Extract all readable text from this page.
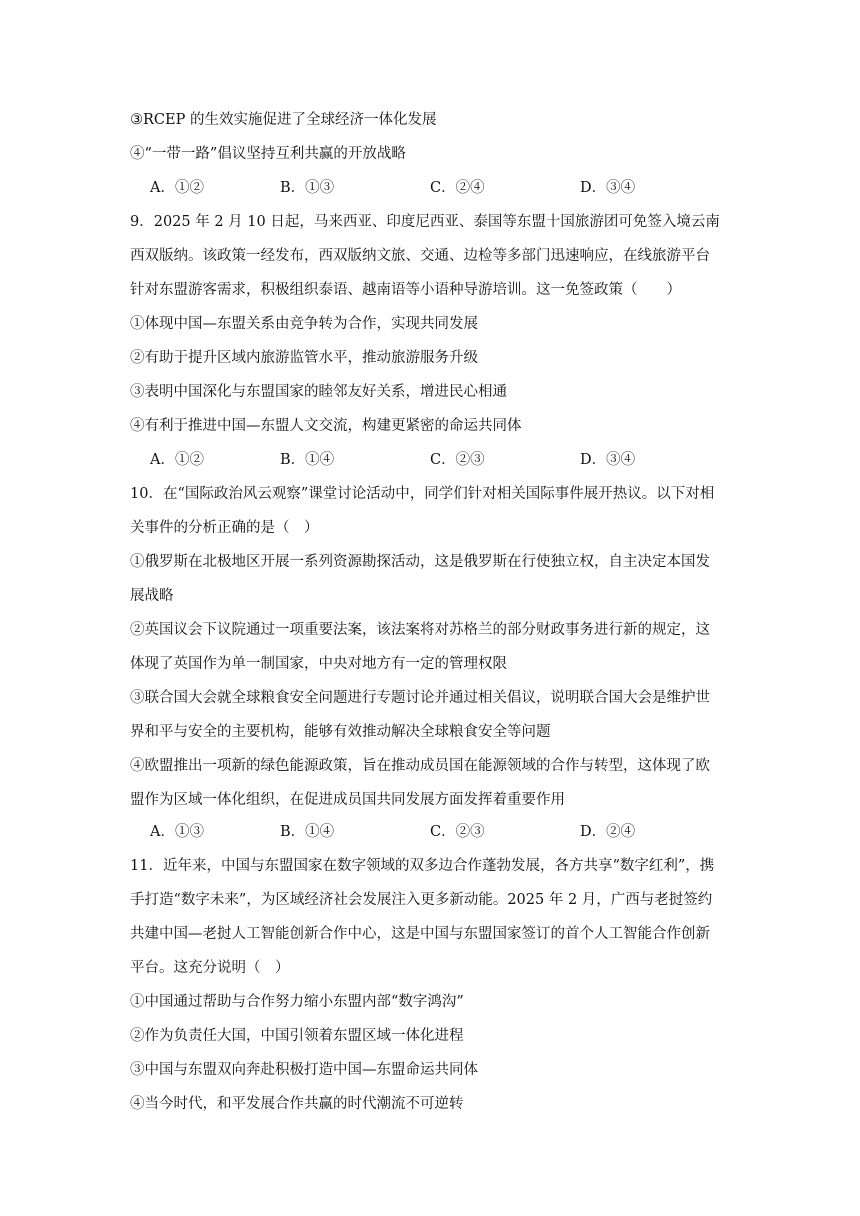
③RCEP 的生效实施促进了全球经济一体化发展
④“一带一路”倡议坚持互利共赢的开放战略
A．①②	B．①③	C．②④	D．③④
9．2025 年 2 月 10 日起，马来西亚、印度尼西亚、泰国等东盟十国旅游团可免签入境云南
西双版纳。该政策一经发布，西双版纳文旅、交通、边检等多部门迅速响应，在线旅游平台
针对东盟游客需求，积极组织泰语、越南语等小语种导游培训。这一免签政策（　　）
①体现中国—东盟关系由竞争转为合作，实现共同发展
②有助于提升区域内旅游监管水平，推动旅游服务升级
③表明中国深化与东盟国家的睦邻友好关系，增进民心相通
④有利于推进中国—东盟人文交流，构建更紧密的命运共同体
A．①②	B．①④	C．②③	D．③④
10．在“国际政治风云观察”课堂讨论活动中，同学们针对相关国际事件展开热议。以下对相
关事件的分析正确的是（　）
①俄罗斯在北极地区开展一系列资源勘探活动，这是俄罗斯在行使独立权，自主决定本国发
展战略
②英国议会下议院通过一项重要法案，该法案将对苏格兰的部分财政事务进行新的规定，这
体现了英国作为单一制国家，中央对地方有一定的管理权限
③联合国大会就全球粮食安全问题进行专题讨论并通过相关倡议，说明联合国大会是维护世
界和平与安全的主要机构，能够有效推动解决全球粮食安全等问题
④欧盟推出一项新的绿色能源政策，旨在推动成员国在能源领域的合作与转型，这体现了欧
盟作为区域一体化组织，在促进成员国共同发展方面发挥着重要作用
A．①③	B．①④	C．②③	D．②④
11．近年来，中国与东盟国家在数字领域的双多边合作蓬勃发展，各方共享“数字红利”，携
手打造“数字未来”，为区域经济社会发展注入更多新动能。2025 年 2 月，广西与老挝签约
共建中国—老挝人工智能创新合作中心，这是中国与东盟国家签订的首个人工智能合作创新
平台。这充分说明（　）
①中国通过帮助与合作努力缩小东盟内部“数字鸿沟”
②作为负责任大国，中国引领着东盟区域一体化进程
③中国与东盟双向奔赴积极打造中国—东盟命运共同体
④当今时代，和平发展合作共赢的时代潮流不可逆转
